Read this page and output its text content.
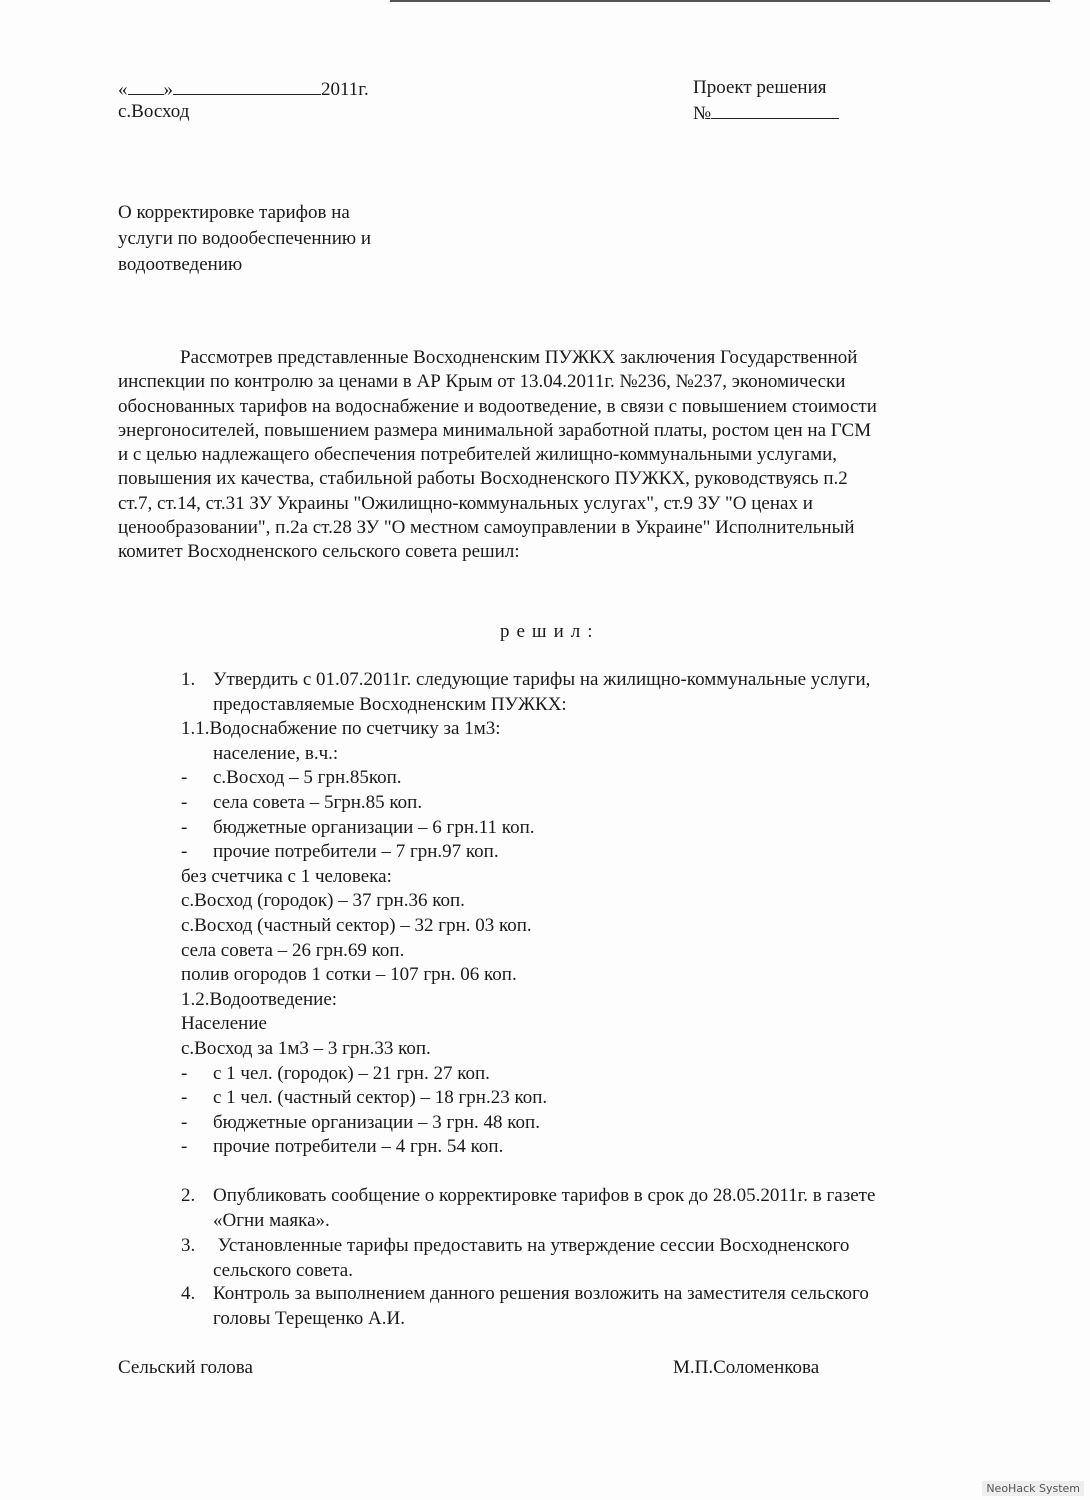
« »	2011г.
с.Восход
Проект решения
№
О корректировке тарифов на
услуги по водообеспеченнию и
водоотведению
Рассмотрев представленные Восходненским ПУЖКХ заключения Государственной
инспекции по контролю за ценами в АР Крым от 13.04.2011г. №236, №237, экономически
обоснованных тарифов на водоснабжение и водоотведение, в связи с повышением стоимости
энергоносителей, повышением размера минимальной заработной платы, ростом цен на ГСМ
и с целью надлежащего обеспечения потребителей жилищно-коммунальными услугами,
повышения их качества, стабильной работы Восходненского ПУЖКХ, руководствуясь п.2
ст.7, ст.14, ст.31 ЗУ Украины "Ожилищно-коммунальных услугах", ст.9 ЗУ "О ценах и
ценообразовании", п.2а ст.28 ЗУ "О местном самоуправлении в Украине" Исполнительный
комитет Восходненского сельского совета решил:
решил:
1. Утвердить с 01.07.2011г. следующие тарифы на жилищно-коммунальные услуги,
предоставляемые Восходненским ПУЖКХ:
1.1.Водоснабжение по счетчику за 1м3:
население, в.ч.:
- с.Восход – 5 грн.85коп.
- села совета – 5грн.85 коп.
- бюджетные организации – 6 грн.11 коп.
- прочие потребители – 7 грн.97 коп.
без счетчика с 1 человека:
с.Восход (городок) – 37 грн.36 коп.
с.Восход (частный сектор) – 32 грн. 03 коп.
села совета – 26 грн.69 коп.
полив огородов 1 сотки – 107 грн. 06 коп.
1.2.Водоотведение:
Население
с.Восход за 1м3 – 3 грн.33 коп.
- с 1 чел. (городок) – 21 грн. 27 коп.
- с 1 чел. (частный сектор) – 18 грн.23 коп.
- бюджетные организации – 3 грн. 48 коп.
- прочие потребители – 4 грн. 54 коп.
2. Опубликовать сообщение о корректировке тарифов в срок до 28.05.2011г. в газете
«Огни маяка».
3. Установленные тарифы предоставить на утверждение сессии Восходненского
сельского совета.
4. Контроль за выполнением данного решения возложить на заместителя сельского
головы Терещенко А.И.
Сельский голова	М.П.Соломенкова
NeoHack System
